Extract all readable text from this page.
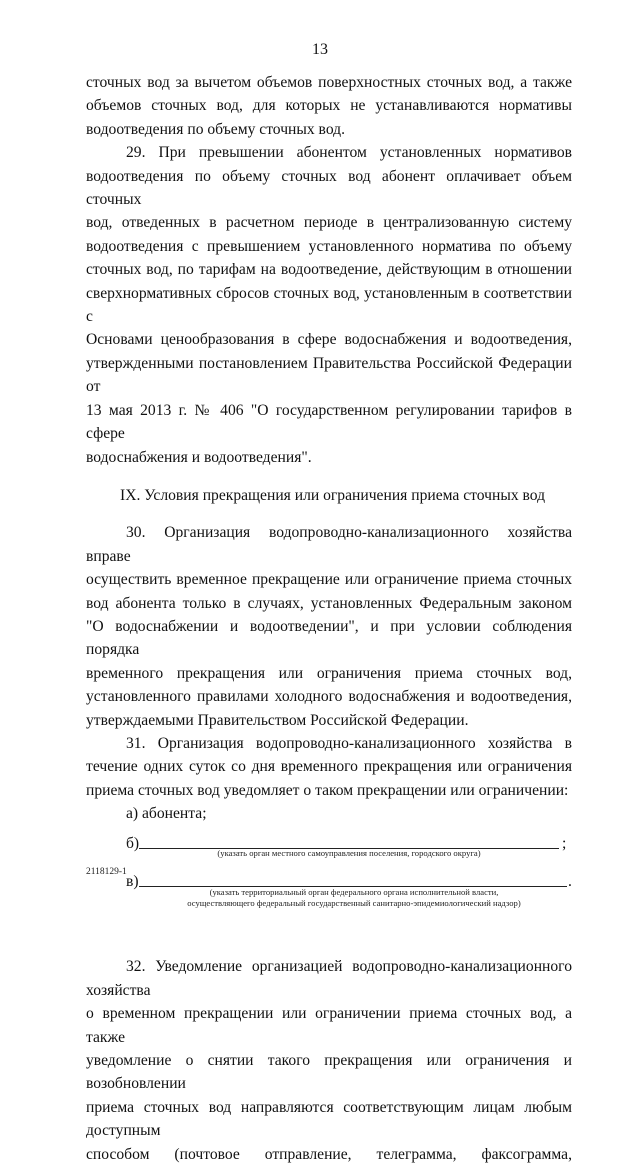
13

сточных вод за вычетом объемов поверхностных сточных вод, а также

объемов сточных вод, для которых не устанавливаются нормативы

водоотведения по объему сточных вод.

29. При превышении абонентом установленных нормативов

водоотведения по объему сточных вод абонент оплачивает объем сточных

вод, отведенных в расчетном периоде в централизованную систему

водоотведения с превышением установленного норматива по объему

сточных вод, по тарифам на водоотведение, действующим в отношении

сверхнормативных сбросов сточных вод, установленным в соответствии с

Основами ценообразования в сфере водоснабжения и водоотведения,

утвержденными постановлением Правительства Российской Федерации от

13 мая 2013 г. № 406 "О государственном регулировании тарифов в сфере

водоснабжения и водоотведения".

IX. Условия прекращения или ограничения приема сточных вод

30. Организация водопроводно-канализационного хозяйства вправе

осуществить временное прекращение или ограничение приема сточных

вод абонента только в случаях, установленных Федеральным законом

"О водоснабжении и водоотведении", и при условии соблюдения порядка

временного прекращения или ограничения приема сточных вод,

установленного правилами холодного водоснабжения и водоотведения,

утверждаемыми Правительством Российской Федерации.

31. Организация водопроводно-канализационного хозяйства в

течение одних суток со дня временного прекращения или ограничения

приема сточных вод уведомляет о таком прекращении или ограничении:

а) абонента;

б)	;
(указать орган местного самоуправления поселения, городского округа)
в)	.
(указать территориальный орган федерального органа исполнительной власти,
осуществляющего федеральный государственный санитарно-эпидемиологический надзор)

32. Уведомление организацией водопроводно-канализационного хозяйства

о временном прекращении или ограничении приема сточных вод, а также

уведомление о снятии такого прекращения или ограничения и возобновлении

приема сточных вод направляются соответствующим лицам любым доступным

способом (почтовое отправление, телеграмма, факсограмма,

2118129-1
